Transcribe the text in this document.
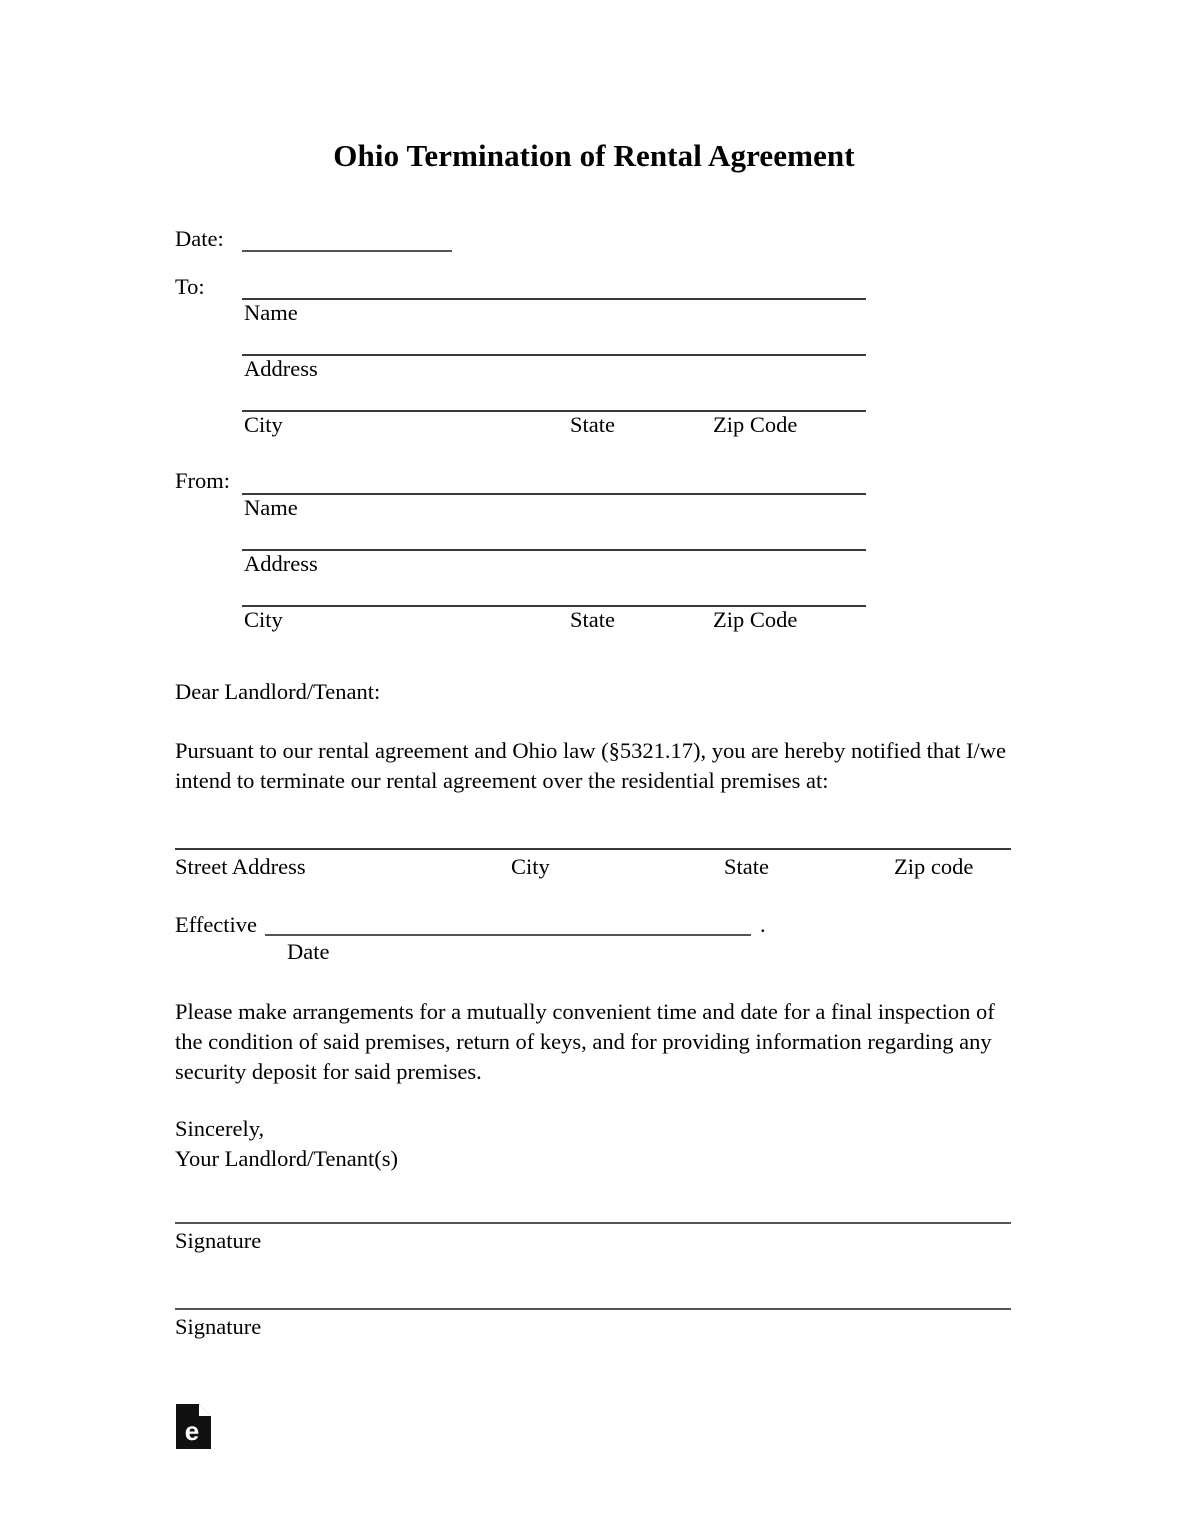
Ohio Termination of Rental Agreement
Date:
To:
Name
Address
City	State	Zip Code
From:
Name
Address
City	State	Zip Code

Dear Landlord/Tenant:

Pursuant to our rental agreement and Ohio law (§5321.17), you are hereby notified that I/we intend to terminate our rental agreement over the residential premises at:

Street Address	City	State	Zip code
Effective	.
Date

Please make arrangements for a mutually convenient time and date for a final inspection of the condition of said premises, return of keys, and for providing information regarding any security deposit for said premises.

Sincerely,

Your Landlord/Tenant(s)

Signature
Signature
e
